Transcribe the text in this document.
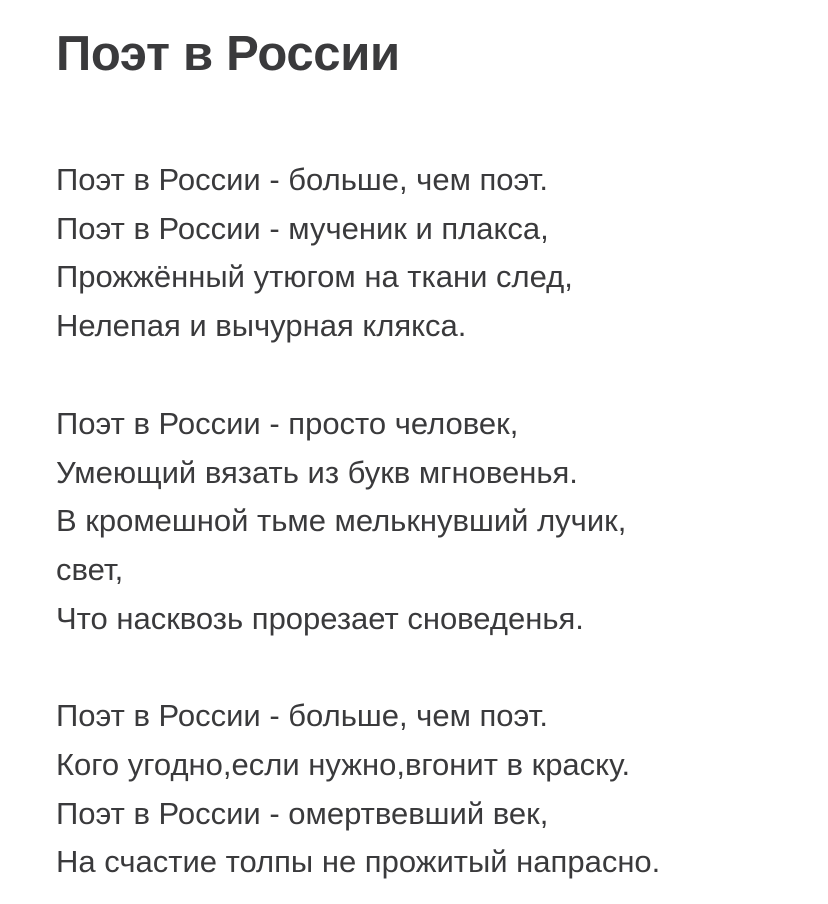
Поэт в России
Поэт в России - больше, чем поэт.
Поэт в России - мученик и плакса,
Прожжённый утюгом на ткани след,
Нелепая и вычурная клякса.
Поэт в России - просто человек,
Умеющий вязать из букв мгновенья.
В кромешной тьме мелькнувший лучик,
свет,
Что насквозь прорезает сноведенья.
Поэт в России - больше, чем поэт.
Кого угодно,если нужно,вгонит в краску.
Поэт в России - омертвевший век,
На счастие толпы не прожитый напрасно.
